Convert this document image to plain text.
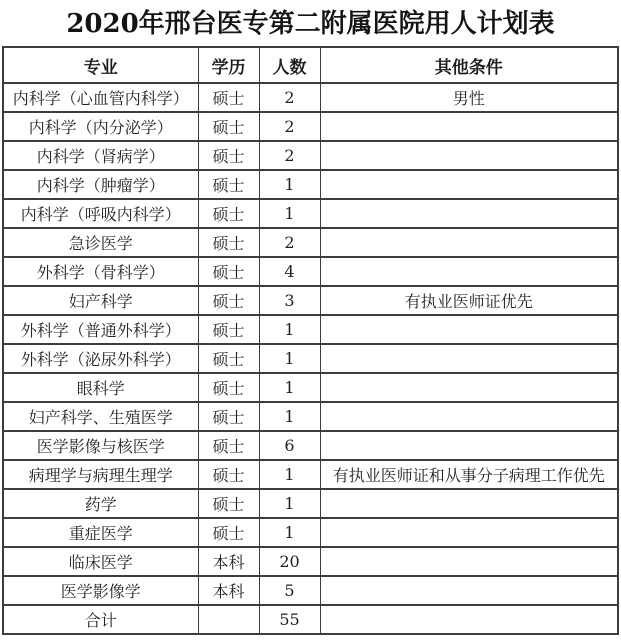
2020年邢台医专第二附属医院用人计划表
专业	学历	人数	其他条件
内科学（心血管内科学）	硕士	2	男性
内科学（内分泌学）	硕士	2	
内科学（肾病学）	硕士	2	
内科学（肿瘤学）	硕士	1	
内科学（呼吸内科学）	硕士	1	
急诊医学	硕士	2	
外科学（骨科学）	硕士	4	
妇产科学	硕士	3	有执业医师证优先
外科学（普通外科学）	硕士	1	
外科学（泌尿外科学）	硕士	1	
眼科学	硕士	1	
妇产科学、生殖医学	硕士	1	
医学影像与核医学	硕士	6	
病理学与病理生理学	硕士	1	有执业医师证和从事分子病理工作优先
药学	硕士	1	
重症医学	硕士	1	
临床医学	本科	20	
医学影像学	本科	5	
合计		55	
